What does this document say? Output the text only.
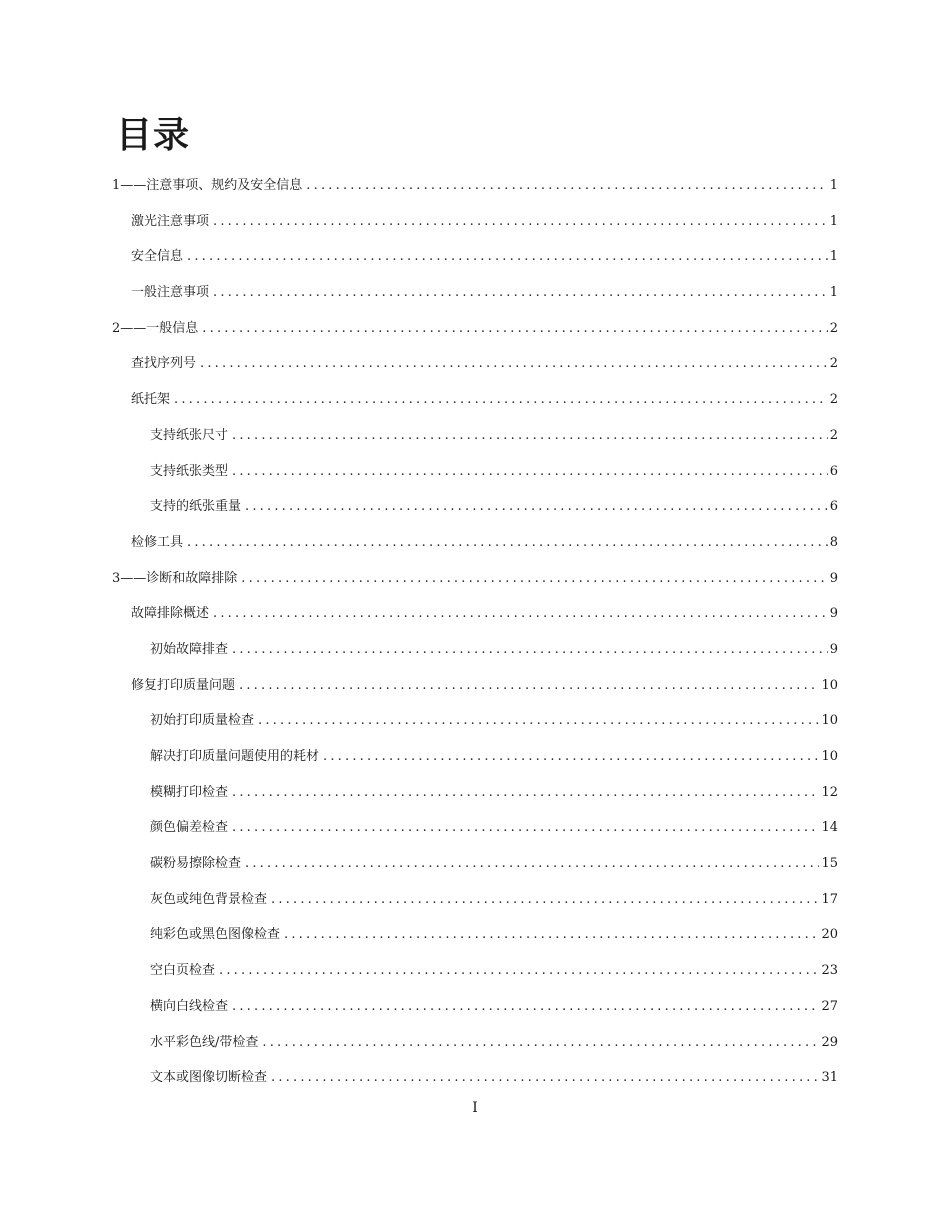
目录
1——注意事项、规约及安全信息 .....	1
激光注意事项 .....	1
安全信息 .....	1
一般注意事项 .....	1
2——一般信息 .....	2
查找序列号 .....	2
纸托架 .....	2
支持纸张尺寸 .....	2
支持纸张类型 .....	6
支持的纸张重量 .....	6
检修工具 .....	8
3——诊断和故障排除 .....	9
故障排除概述 .....	9
初始故障排查 .....	9
修复打印质量问题 .....	10
初始打印质量检查 .....	10
解决打印质量问题使用的耗材 .....	10
模糊打印检查 .....	12
颜色偏差检查 .....	14
碳粉易擦除检查 .....	15
灰色或纯色背景检查 .....	17
纯彩色或黑色图像检查 .....	20
空白页检查 .....	23
横向白线检查 .....	27
水平彩色线/带检查 .....	29
文本或图像切断检查 .....	31
I
